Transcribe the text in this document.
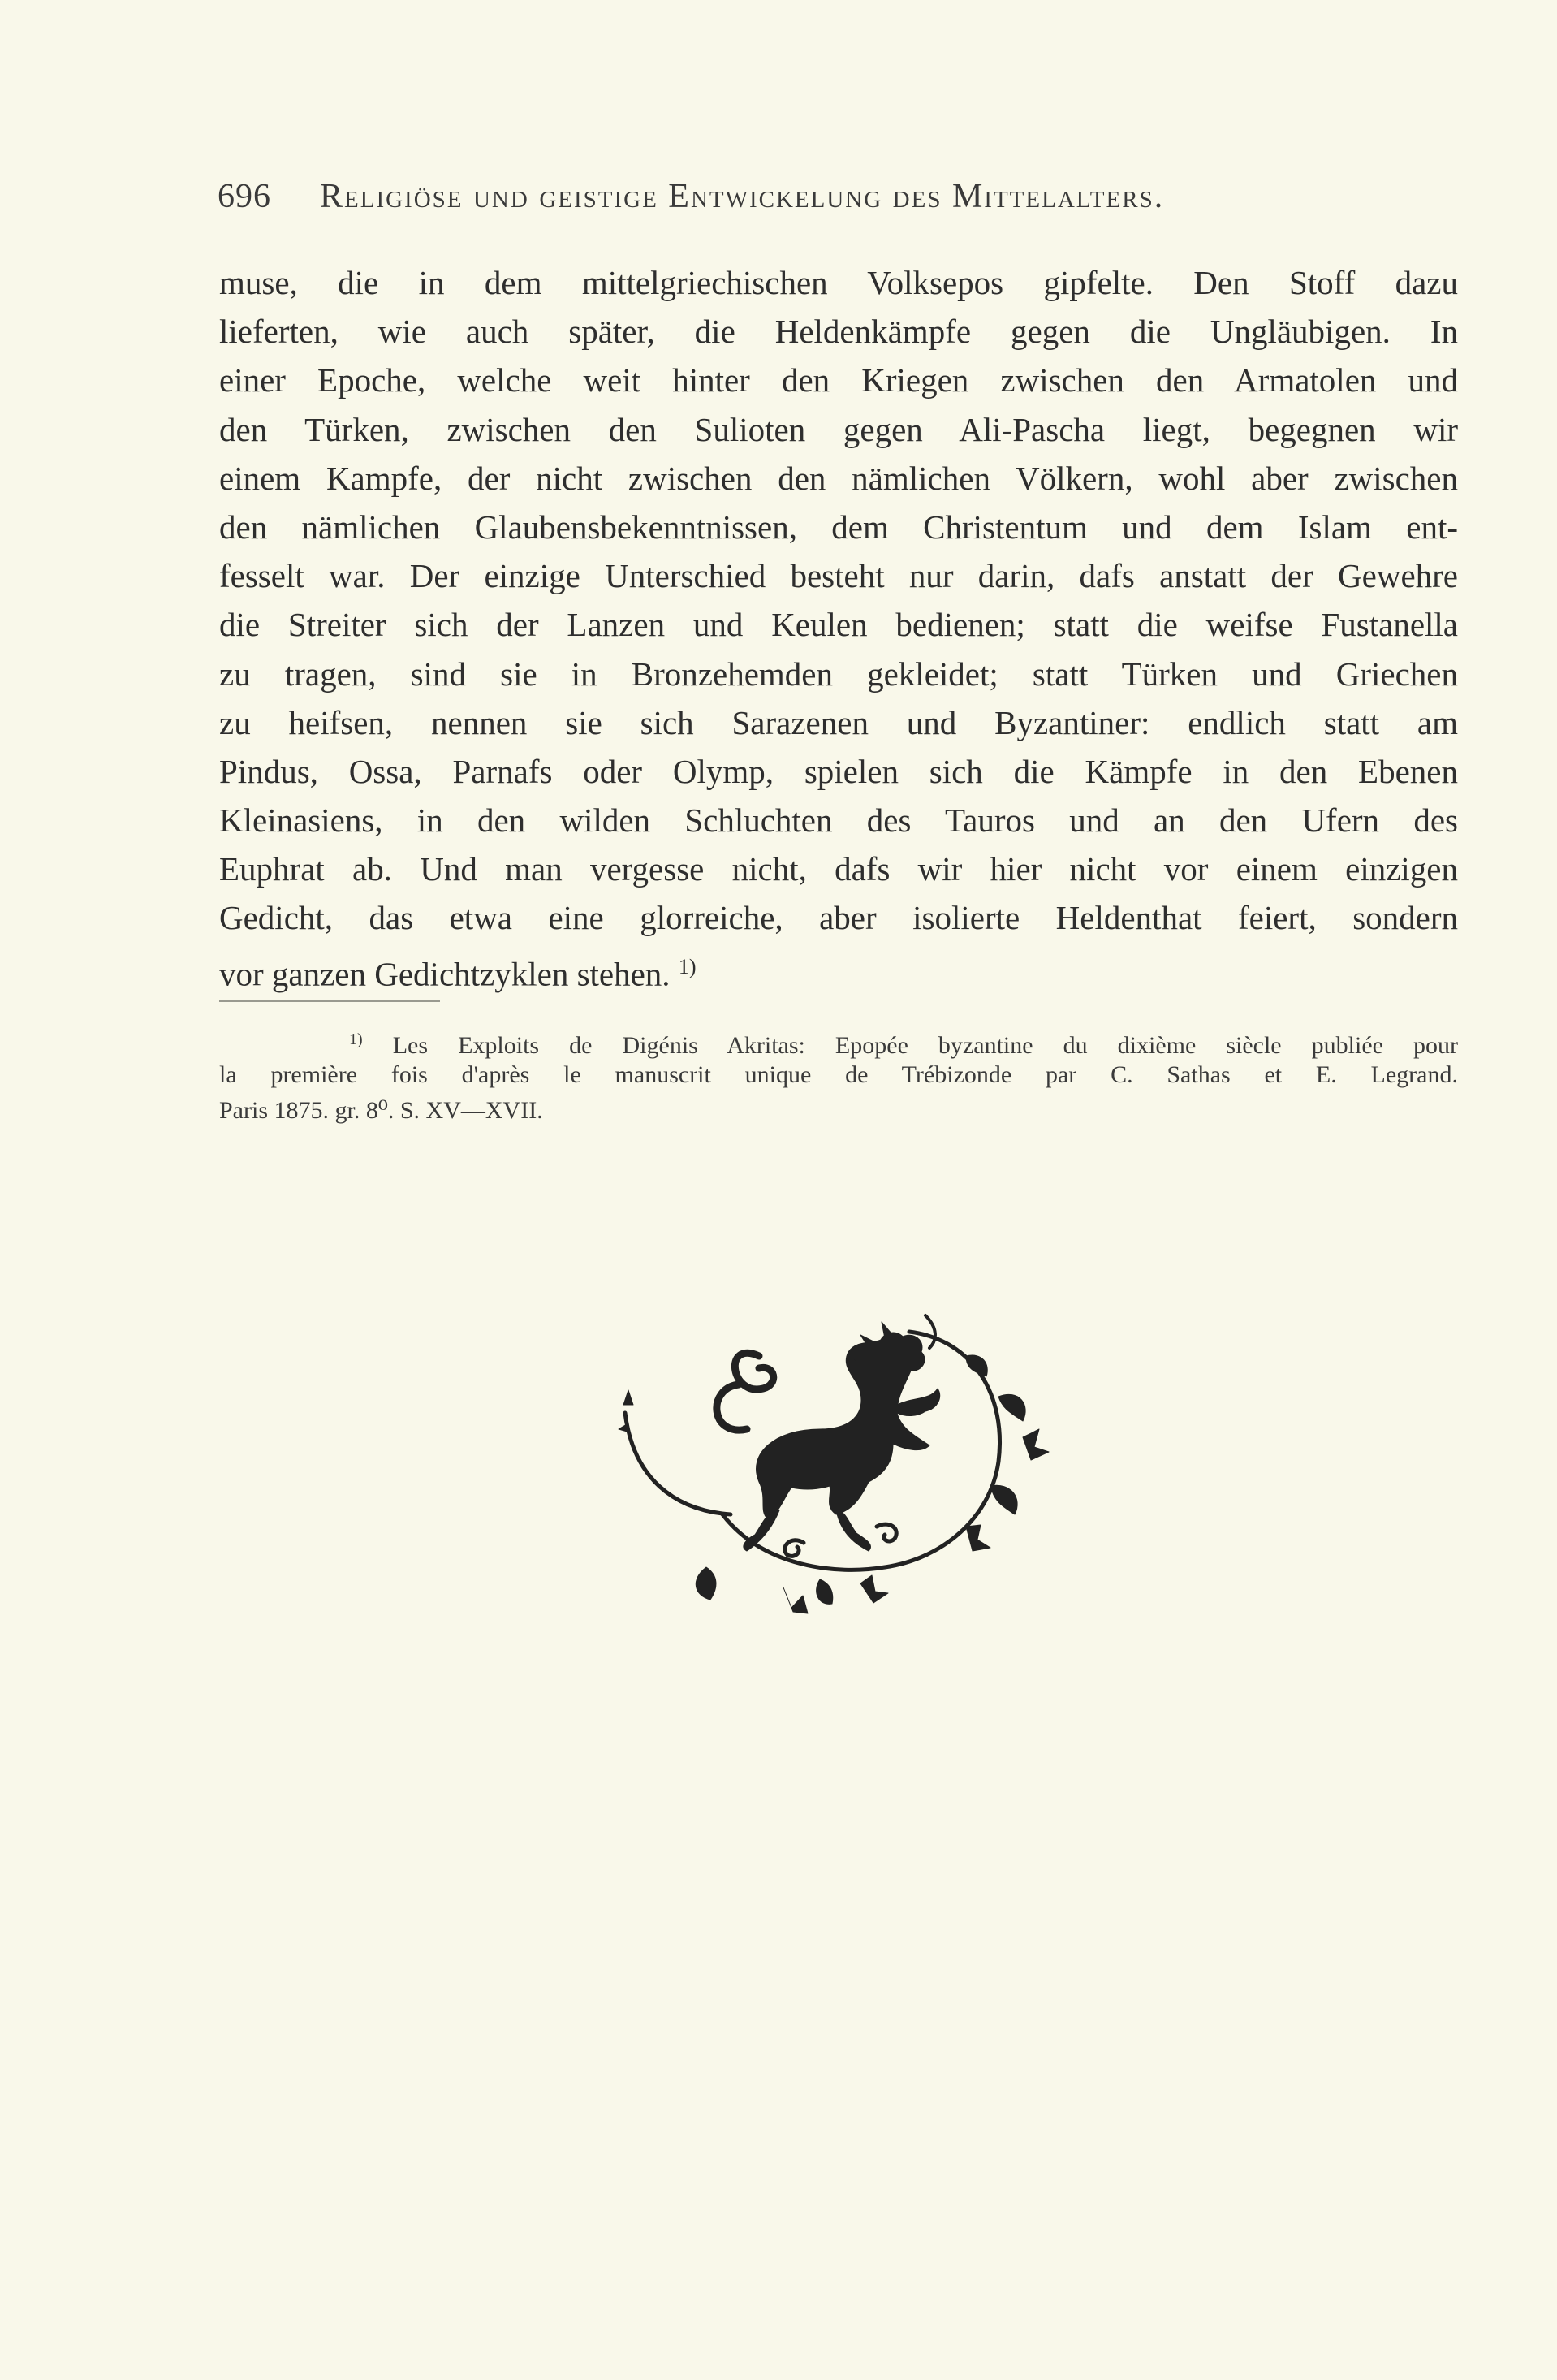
696 Religiöse und geistige Entwickelung des Mittelalters.
muse, die in dem mittelgriechischen Volksepos gipfelte. Den Stoff dazu
lieferten, wie auch später, die Heldenkämpfe gegen die Ungläubigen. In
einer Epoche, welche weit hinter den Kriegen zwischen den Armatolen und
den Türken, zwischen den Sulioten gegen Ali-Pascha liegt, begegnen wir
einem Kampfe, der nicht zwischen den nämlichen Völkern, wohl aber zwischen
den nämlichen Glaubensbekenntnissen, dem Christentum und dem Islam ent-
fesselt war. Der einzige Unterschied besteht nur darin, dafs anstatt der Gewehre
die Streiter sich der Lanzen und Keulen bedienen; statt die weifse Fustanella
zu tragen, sind sie in Bronzehemden gekleidet; statt Türken und Griechen
zu heifsen, nennen sie sich Sarazenen und Byzantiner: endlich statt am
Pindus, Ossa, Parnafs oder Olymp, spielen sich die Kämpfe in den Ebenen
Kleinasiens, in den wilden Schluchten des Tauros und an den Ufern des
Euphrat ab. Und man vergesse nicht, dafs wir hier nicht vor einem einzigen
Gedicht, das etwa eine glorreiche, aber isolierte Heldenthat feiert, sondern
vor ganzen Gedichtzyklen stehen. $^{1)}$
$^{1)}$ Les Exploits de Digénis Akritas: Epopée byzantine du dixième siècle publiée pour
la première fois d'après le manuscrit unique de Trébizonde par C. Sathas et E. Legrand.
Paris 1875. gr. 8⁰. S. XV—XVII.
